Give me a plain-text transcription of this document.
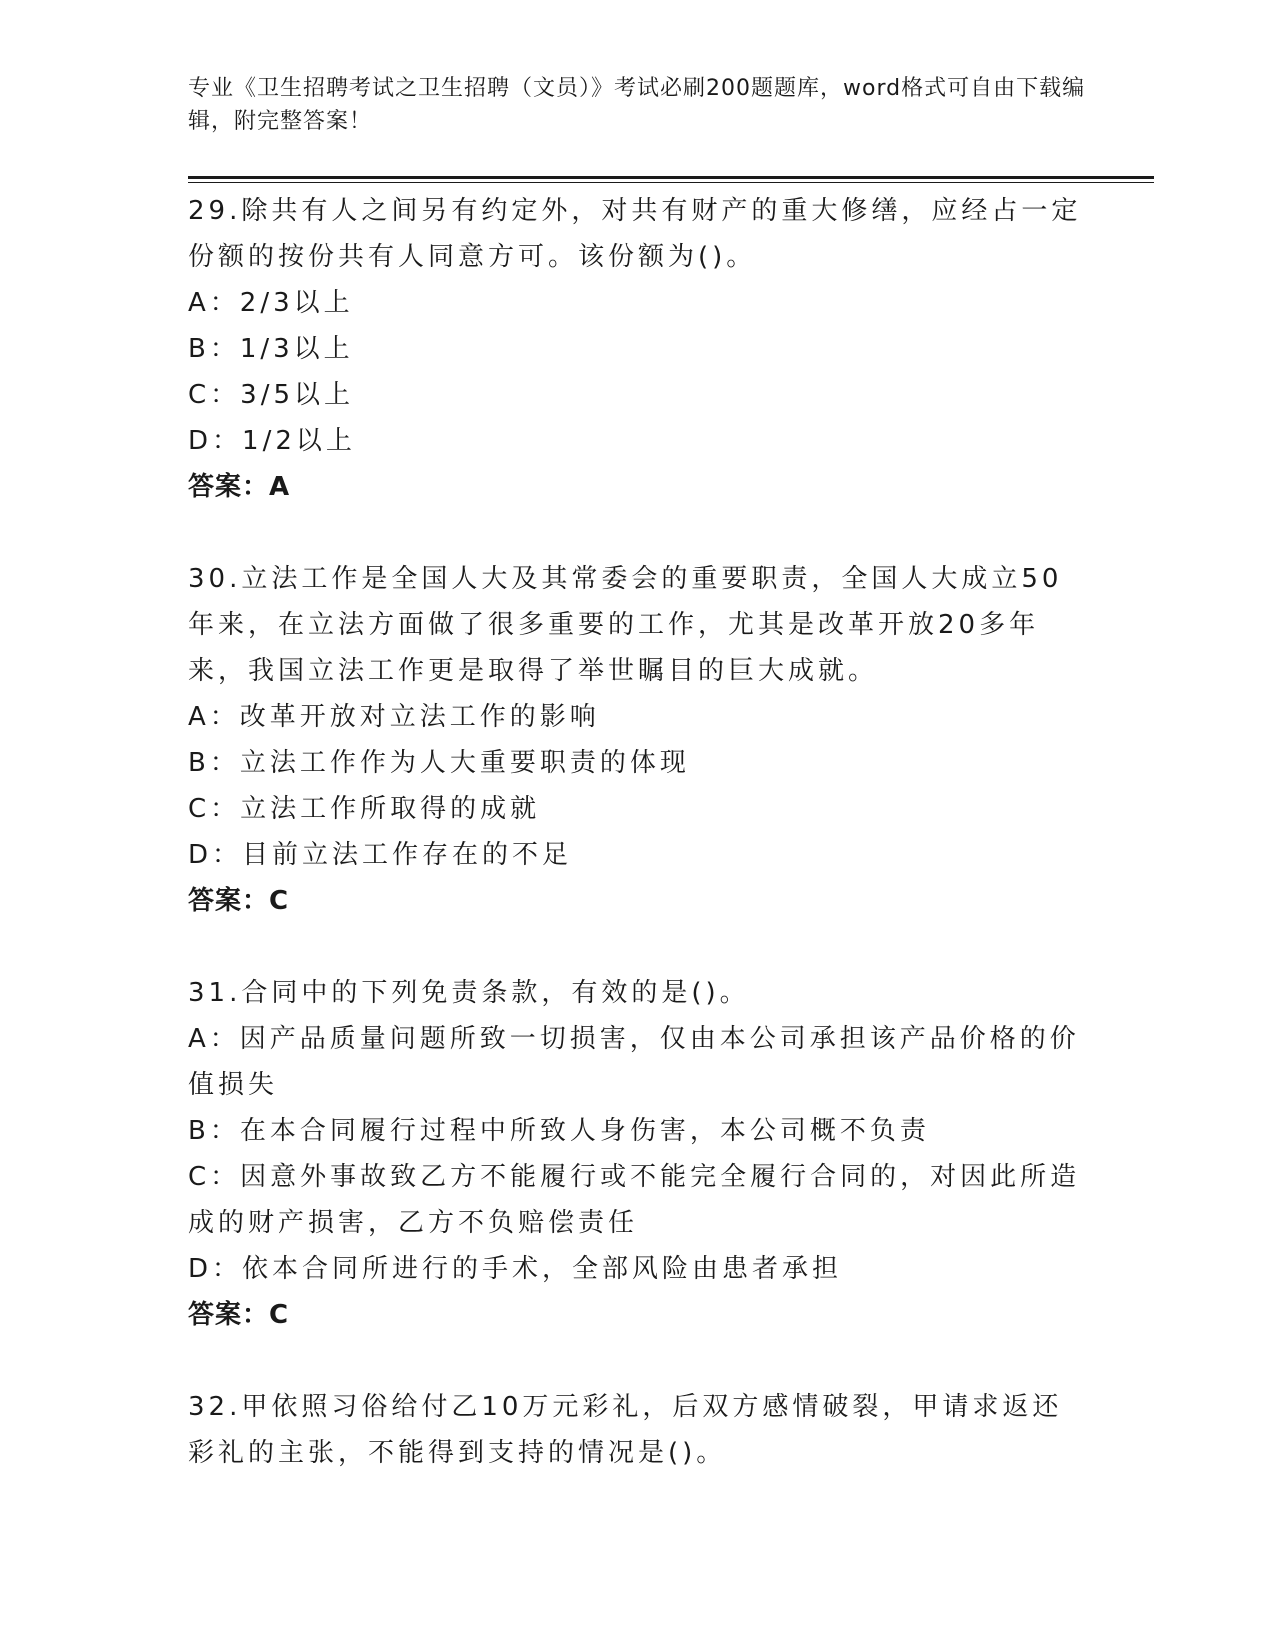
专业《卫生招聘考试之卫生招聘（文员）》考试必刷200题题库，word格式可自由下载编辑，附完整答案！
29.除共有人之间另有约定外，对共有财产的重大修缮，应经占一定份额的按份共有人同意方可。该份额为()。
A：2/3以上
B：1/3以上
C：3/5以上
D：1/2以上
答案：A
30.立法工作是全国人大及其常委会的重要职责，全国人大成立50年来，在立法方面做了很多重要的工作，尤其是改革开放20多年来，我国立法工作更是取得了举世瞩目的巨大成就。
A：改革开放对立法工作的影响
B：立法工作作为人大重要职责的体现
C：立法工作所取得的成就
D：目前立法工作存在的不足
答案：C
31.合同中的下列免责条款，有效的是()。
A：因产品质量问题所致一切损害，仅由本公司承担该产品价格的价值损失
B：在本合同履行过程中所致人身伤害，本公司概不负责
C：因意外事故致乙方不能履行或不能完全履行合同的，对因此所造成的财产损害，乙方不负赔偿责任
D：依本合同所进行的手术，全部风险由患者承担
答案：C
32.甲依照习俗给付乙10万元彩礼，后双方感情破裂，甲请求返还彩礼的主张，不能得到支持的情况是()。
